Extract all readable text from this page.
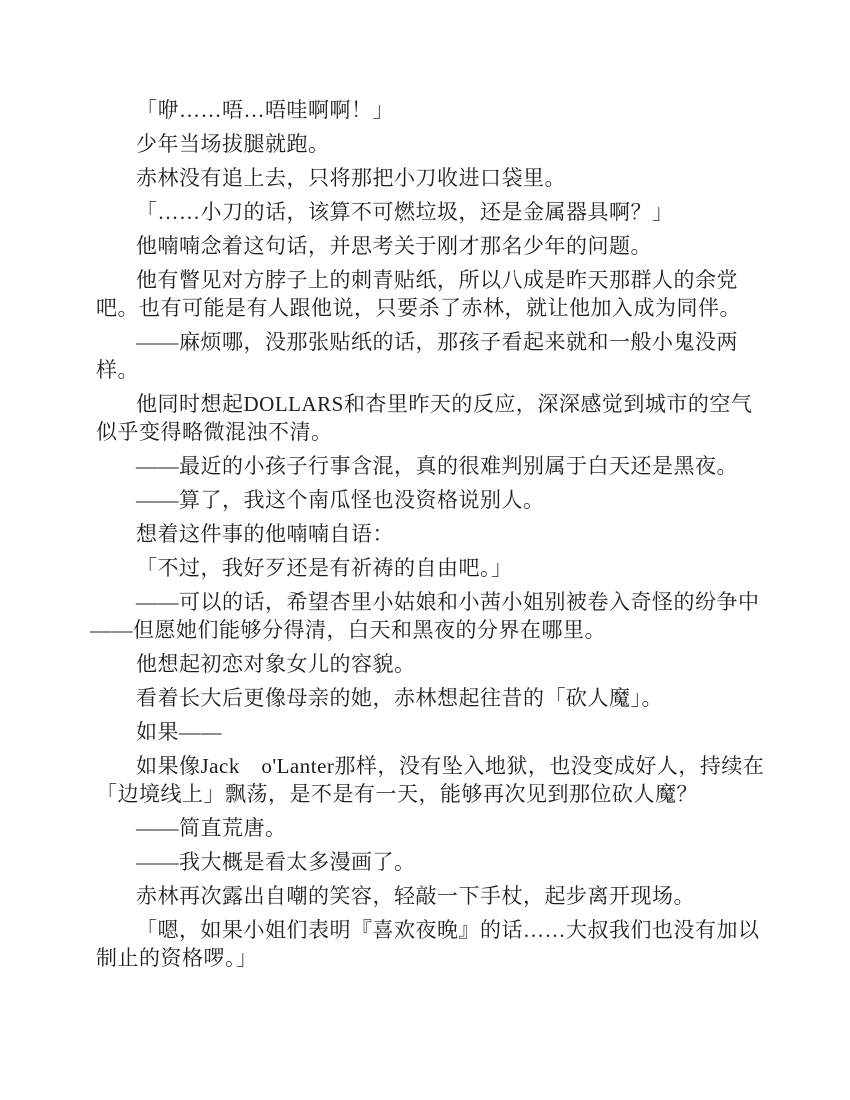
「咿……唔…唔哇啊啊！」
少年当场拔腿就跑。
赤林没有追上去，只将那把小刀收进口袋里。
「……小刀的话，该算不可燃垃圾，还是金属器具啊？」
他喃喃念着这句话，并思考关于刚才那名少年的问题。
他有瞥见对方脖子上的刺青贴纸，所以八成是昨天那群人的余党
吧。也有可能是有人跟他说，只要杀了赤林，就让他加入成为同伴。
——麻烦哪，没那张贴纸的话，那孩子看起来就和一般小鬼没两
样。
他同时想起DOLLARS和杏里昨天的反应，深深感觉到城市的空气
似乎变得略微混浊不清。
——最近的小孩子行事含混，真的很难判别属于白天还是黑夜。
——算了，我这个南瓜怪也没资格说别人。
想着这件事的他喃喃自语：
「不过，我好歹还是有祈祷的自由吧。」
——可以的话，希望杏里小姑娘和小茜小姐别被卷入奇怪的纷争中
——但愿她们能够分得清，白天和黑夜的分界在哪里。
他想起初恋对象女儿的容貌。
看着长大后更像母亲的她，赤林想起往昔的「砍人魔」。
如果——
如果像Jack　o'Lanter那样，没有坠入地狱，也没变成好人，持续在
「边境线上」飘荡，是不是有一天，能够再次见到那位砍人魔？
——简直荒唐。
——我大概是看太多漫画了。
赤林再次露出自嘲的笑容，轻敲一下手杖，起步离开现场。
「嗯，如果小姐们表明『喜欢夜晚』的话……大叔我们也没有加以
制止的资格啰。」
